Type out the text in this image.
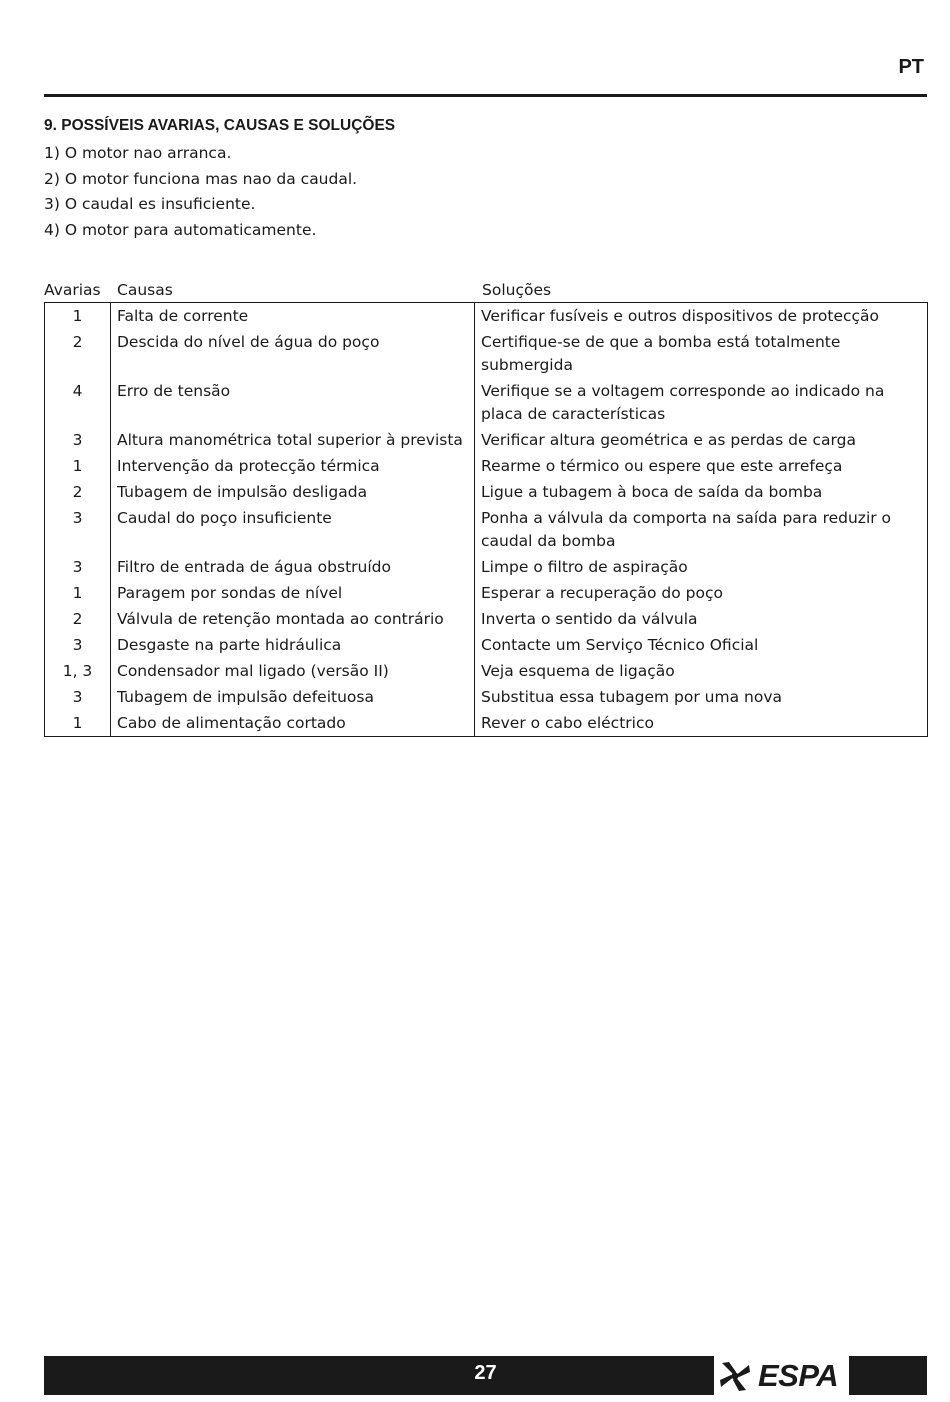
PT
9. POSSÍVEIS AVARIAS, CAUSAS E SOLUÇÕES
1) O motor nao arranca.
2) O motor funciona mas nao da caudal.
3) O caudal es insuficiente.
4) O motor para automaticamente.
Avarias Causas	Soluções
1	Falta de corrente	Verificar fusíveis e outros dispositivos de protecção
2	Descida do nível de água do poço	Certifique-se de que a bomba está totalmente submergida
4	Erro de tensão	Verifique se a voltagem corresponde ao indicado na placa de características
3	Altura manométrica total superior à prevista	Verificar altura geométrica e as perdas de carga
1	Intervenção da protecção térmica	Rearme o térmico ou espere que este arrefeça
2	Tubagem de impulsão desligada	Ligue a tubagem à boca de saída da bomba
3	Caudal do poço insuficiente	Ponha a válvula da comporta na saída para reduzir o caudal da bomba
3	Filtro de entrada de água obstruído	Limpe o filtro de aspiração
1	Paragem por sondas de nível	Esperar a recuperação do poço
2	Válvula de retenção montada ao contrário	Inverta o sentido da válvula
3	Desgaste na parte hidráulica	Contacte um Serviço Técnico Oficial
1, 3	Condensador mal ligado (versão II)	Veja esquema de ligação
3	Tubagem de impulsão defeituosa	Substitua essa tubagem por uma nova
1	Cabo de alimentação cortado	Rever o cabo eléctrico
27	ESPA
